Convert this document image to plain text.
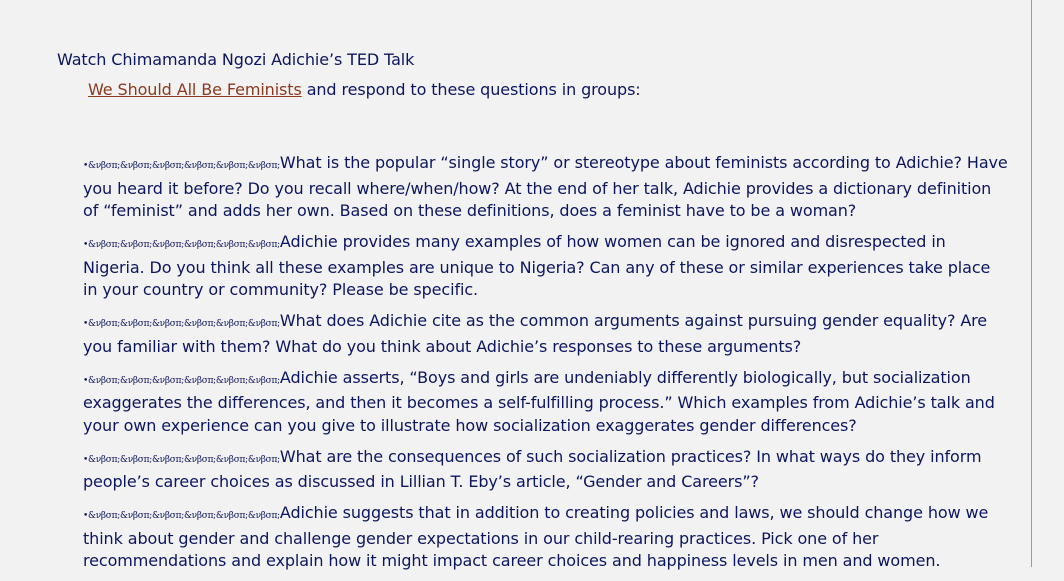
Watch Chimamanda Ngozi Adichie’s TED Talk
We Should All Be Feminists and respond to these questions in groups:
•&νβσπ;&νβσπ;&νβσπ;&νβσπ;&νβσπ;&νβσπ;What is the popular “single story” or stereotype about feminists according to Adichie? Have you heard it before? Do you recall where/when/how? At the end of her talk, Adichie provides a dictionary definition of “feminist” and adds her own. Based on these definitions, does a feminist have to be a woman?
•&νβσπ;&νβσπ;&νβσπ;&νβσπ;&νβσπ;&νβσπ;Adichie provides many examples of how women can be ignored and disrespected in Nigeria. Do you think all these examples are unique to Nigeria? Can any of these or similar experiences take place in your country or community? Please be specific.
•&νβσπ;&νβσπ;&νβσπ;&νβσπ;&νβσπ;&νβσπ;What does Adichie cite as the common arguments against pursuing gender equality? Are you familiar with them? What do you think about Adichie’s responses to these arguments?
•&νβσπ;&νβσπ;&νβσπ;&νβσπ;&νβσπ;&νβσπ;Adichie asserts, “Boys and girls are undeniably differently biologically, but socialization exaggerates the differences, and then it becomes a self-fulfilling process.” Which examples from Adichie’s talk and your own experience can you give to illustrate how socialization exaggerates gender differences?
•&νβσπ;&νβσπ;&νβσπ;&νβσπ;&νβσπ;&νβσπ;What are the consequences of such socialization practices? In what ways do they inform people’s career choices as discussed in Lillian T. Eby’s article, “Gender and Careers”?
•&νβσπ;&νβσπ;&νβσπ;&νβσπ;&νβσπ;&νβσπ;Adichie suggests that in addition to creating policies and laws, we should change how we think about gender and challenge gender expectations in our child-rearing practices. Pick one of her recommendations and explain how it might impact career choices and happiness levels in men and women.
